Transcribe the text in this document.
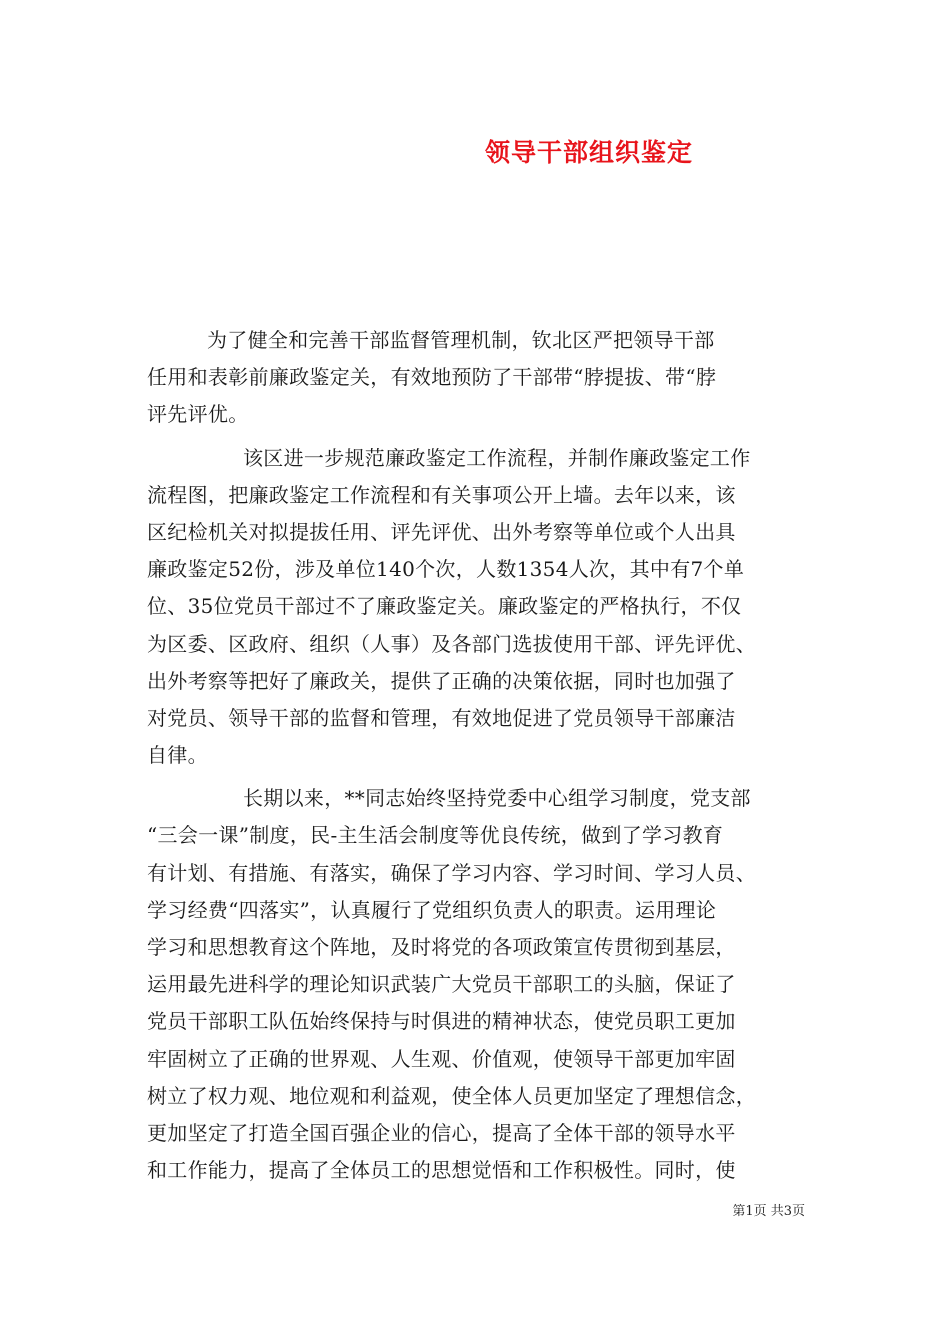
领导干部组织鉴定
为了健全和完善干部监督管理机制，钦北区严把领导干部
任用和表彰前廉政鉴定关，有效地预防了干部带“脖提拔、带“脖
评先评优。
该区进一步规范廉政鉴定工作流程，并制作廉政鉴定工作
流程图，把廉政鉴定工作流程和有关事项公开上墙。去年以来，该
区纪检机关对拟提拔任用、评先评优、出外考察等单位或个人出具
廉政鉴定52份，涉及单位140个次，人数1354人次，其中有7个单
位、35位党员干部过不了廉政鉴定关。廉政鉴定的严格执行，不仅
为区委、区政府、组织（人事）及各部门选拔使用干部、评先评优、
出外考察等把好了廉政关，提供了正确的决策依据，同时也加强了
对党员、领导干部的监督和管理，有效地促进了党员领导干部廉洁
自律。
长期以来，**同志始终坚持党委中心组学习制度，党支部
“三会一课”制度，民-主生活会制度等优良传统，做到了学习教育
有计划、有措施、有落实，确保了学习内容、学习时间、学习人员、
学习经费“四落实”，认真履行了党组织负责人的职责。运用理论
学习和思想教育这个阵地，及时将党的各项政策宣传贯彻到基层，
运用最先进科学的理论知识武装广大党员干部职工的头脑，保证了
党员干部职工队伍始终保持与时俱进的精神状态，使党员职工更加
牢固树立了正确的世界观、人生观、价值观，使领导干部更加牢固
树立了权力观、地位观和利益观，使全体人员更加坚定了理想信念，
更加坚定了打造全国百强企业的信心，提高了全体干部的领导水平
和工作能力，提高了全体员工的思想觉悟和工作积极性。同时，使
第1页 共3页
